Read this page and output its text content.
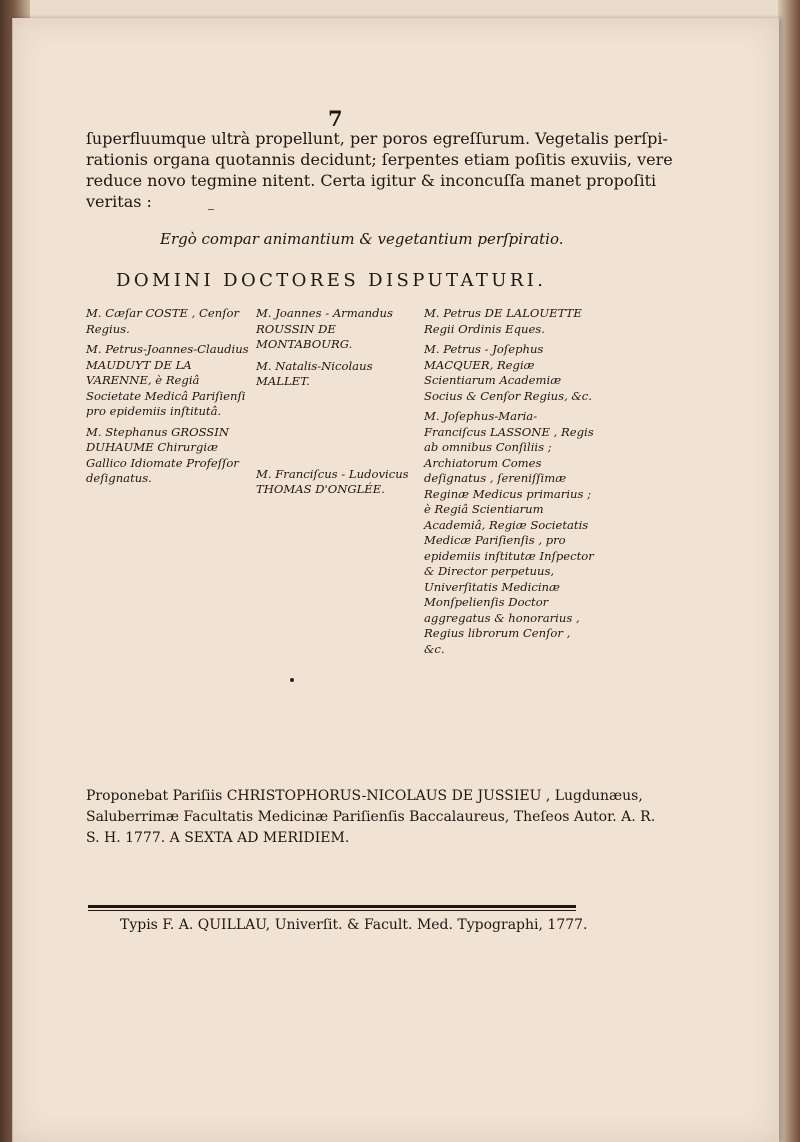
7
ſuperfluumque ultrà propellunt, per poros egreſſurum. Vegetalis perſpi-
rationis organa quotannis decidunt; ſerpentes etiam poſitis exuviis, vere
reduce novo tegmine nitent. Certa igitur & inconcuſſa manet propoſiti
veritas :
Ergò compar animantium & vegetantium perſpiratio.
DOMINI DOCTORES DISPUTATURI.
M. Cæſar COSTE , Cenſor Regius.
M. Petrus-Joannes-Claudius MAUDUYT DE LA VARENNE, è Regiâ Societate Medicâ Pariſienſi pro epidemiis inſtitutâ.
M. Stephanus GROSSIN DUHAUME Chirurgiæ Gallico Idiomate Profeſſor deſignatus.
M. Joannes - Armandus ROUSSIN DE MONTABOURG.
M. Natalis-Nicolaus MALLET.
M. Franciſcus - Ludovicus THOMAS D'ONGLÉE.
M. Petrus DE LALOUETTE Regii Ordinis Eques.
M. Petrus - Joſephus MACQUER, Regiæ Scientiarum Academiæ Socius & Cenſor Regius, &c.
M. Joſephus-Maria-Franciſcus LASSONE , Regis ab omnibus Conſiliis ; Archiatorum Comes deſignatus , ſereniſſimæ Reginæ Medicus primarius ; è Regiâ Scientiarum Academiâ, Regiæ Societatis Medicæ Pariſienſis , pro epidemiis inſtitutæ Inſpector & Director perpetuus, Univerſitatis Medicinæ Monſpelienſis Doctor aggregatus & honorarius , Regius librorum Cenſor , &c.
Proponebat Pariſiis CHRISTOPHORUS-NICOLAUS DE JUSSIEU , Lugdunæus,
Saluberrimæ Facultatis Medicinæ Pariſienſis Baccalaureus, Theſeos Autor. A. R.
S. H. 1777. A SEXTA AD MERIDIEM.
Typis F. A. QUILLAU, Univerſit. & Facult. Med. Typographi, 1777.
